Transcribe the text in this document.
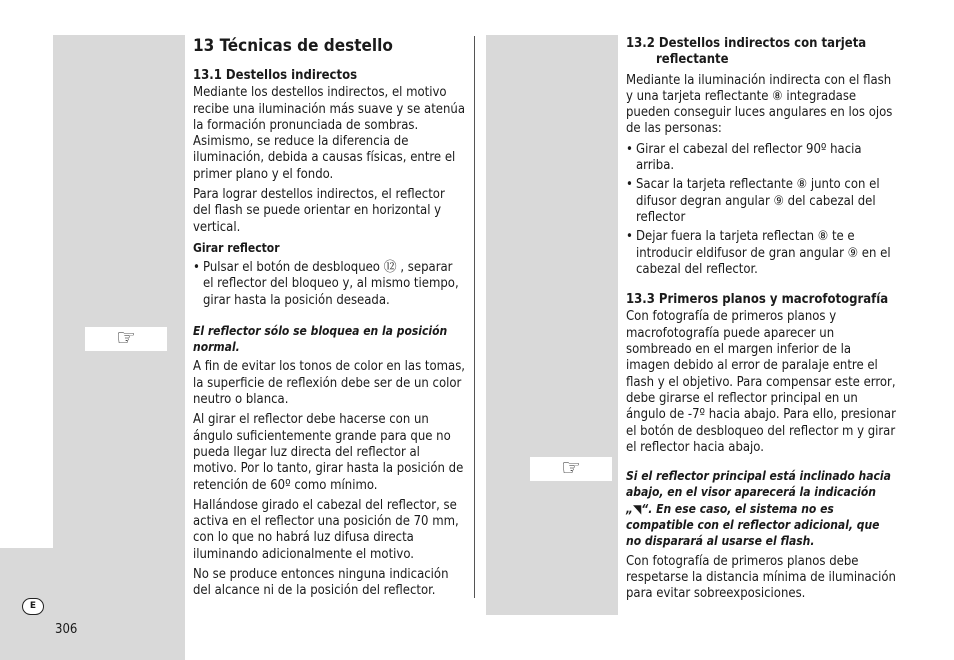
☞
☞
13 Técnicas de destello
13.1 Destellos indirectos

Mediante los destellos indirectos, el motivo recibe una iluminación más suave y se atenúa la formación pronunciada de sombras. Asimismo, se reduce la diferencia de iluminación, debida a causas físicas, entre el primer plano y el fondo.

Para lograr destellos indirectos, el reflector del flash se puede orientar en horizontal y vertical.

Girar reflector
• Pulsar el botón de desbloqueo ⑫ , separar el reflector del bloqueo y, al mismo tiempo, girar hasta la posición deseada.

El reflector sólo se bloquea en la posición normal.

A fin de evitar los tonos de color en las tomas, la superficie de reflexión debe ser de un color neutro o blanca.

Al girar el reflector debe hacerse con un ángulo suficientemente grande para que no pueda llegar luz directa del reflector al motivo. Por lo tanto, girar hasta la posición de retención de 60º como mínimo.

Hallándose girado el cabezal del reflector, se activa en el reflector una posición de 70 mm, con lo que no habrá luz difusa directa iluminando adicionalmente el motivo.

No se produce entonces ninguna indicación del alcance ni de la posición del reflector.

13.2 Destellos indirectos con tarjeta reflectante

Mediante la iluminación indirecta con el flash y una tarjeta reflectante ⑧ integradase pueden conseguir luces angulares en los ojos de las personas:

• Girar el cabezal del reflector 90º hacia arriba.
• Sacar la tarjeta reflectante ⑧ junto con el difusor degran angular ⑨ del cabezal del reflector
• Dejar fuera la tarjeta reflectan ⑧ te e introducir eldifusor de gran angular ⑨ en el cabezal del reflector.
13.3 Primeros planos y macrofotografía

Con fotografía de primeros planos y macrofotografía puede aparecer un sombreado en el margen inferior de la imagen debido al error de paralaje entre el flash y el objetivo. Para compensar este error, debe girarse el reflector principal en un ángulo de -7º hacia abajo. Para ello, presionar el botón de desbloqueo del reflector m y girar el reflector hacia abajo.

Si el reflector principal está inclinado hacia abajo, en el visor aparecerá la indicación „◥“. En ese caso, el sistema no es compatible con el reflector adicional, que no disparará al usarse el flash.

Con fotografía de primeros planos debe respetarse la distancia mínima de iluminación para evitar sobreexposiciones.

E
306
